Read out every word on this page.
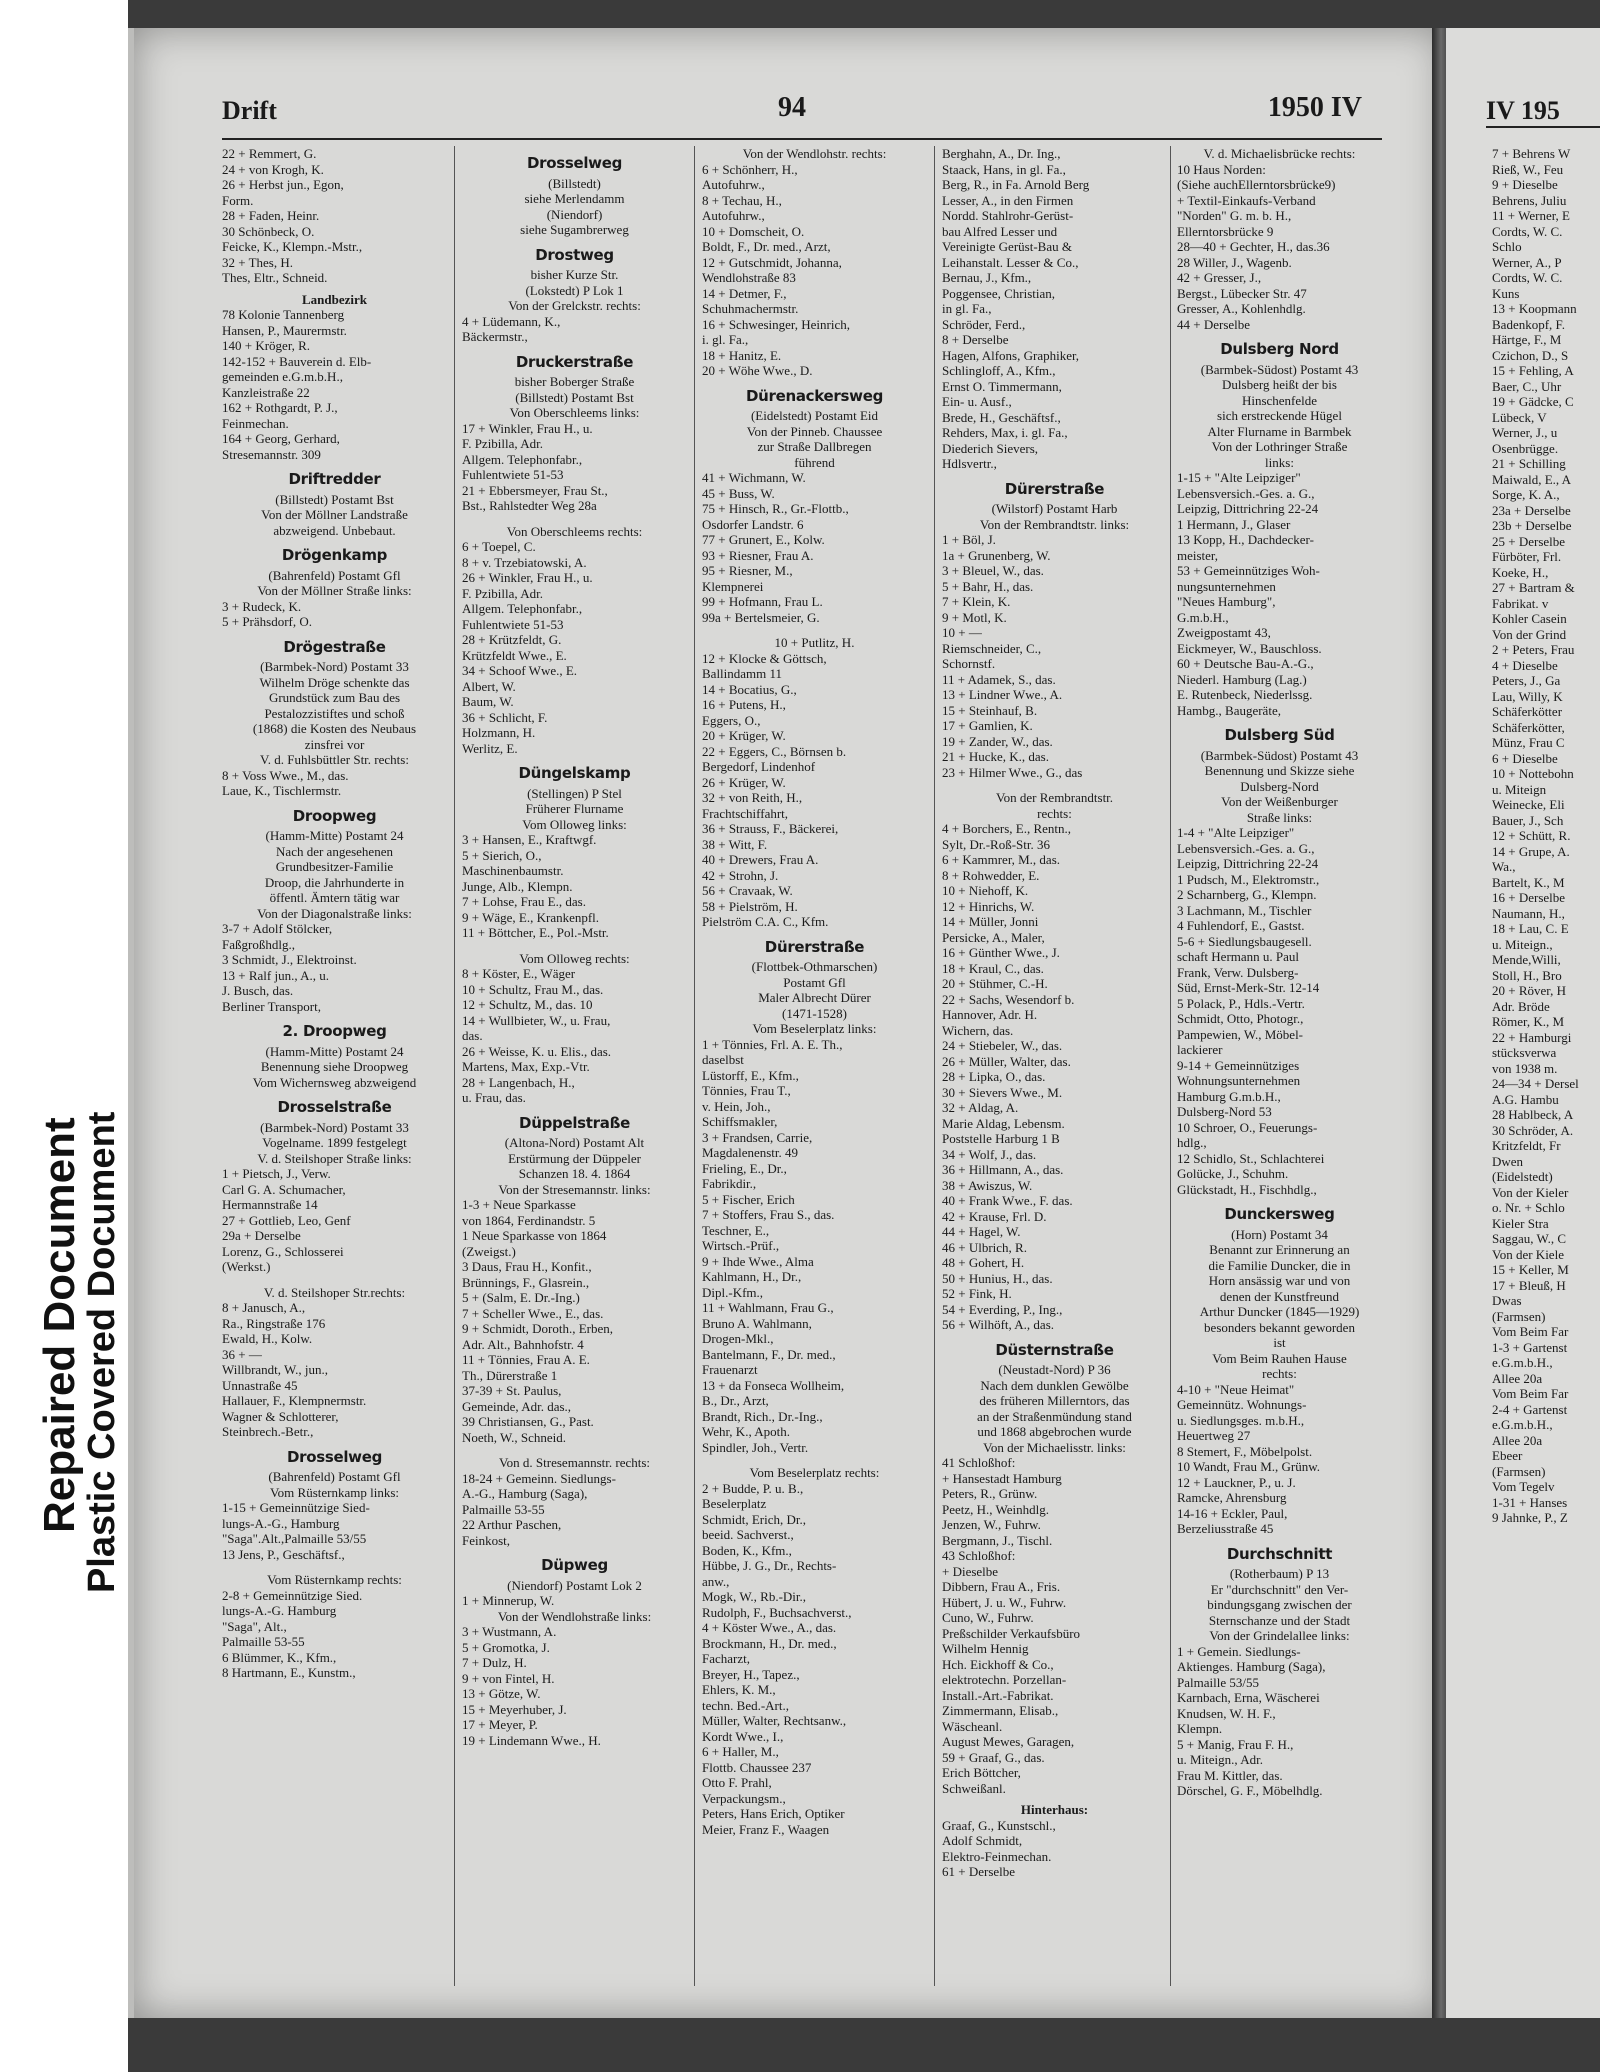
Repaired Document
Plastic Covered Document
Drift	94	1950 IV
22 + Remmert, G.
24 + von Krogh, K.
26 + Herbst jun., Egon,
Form.
28 + Faden, Heinr.
30 Schönbeck, O.
Feicke, K., Klempn.-Mstr.,
32 + Thes, H.
Thes, Eltr., Schneid.
Landbezirk
78 Kolonie Tannenberg
Hansen, P., Maurermstr.
140 + Kröger, R.
142-152 + Bauverein d. Elb-
gemeinden e.G.m.b.H.,
Kanzleistraße 22
162 + Rothgardt, P. J.,
Feinmechan.
164 + Georg, Gerhard,
Stresemannstr. 309
Driftredder
(Billstedt) Postamt Bst
Von der Möllner Landstraße
abzweigend. Unbebaut.
Drögenkamp
(Bahrenfeld) Postamt Gfl
Von der Möllner Straße links:
3 + Rudeck, K.
5 + Prähsdorf, O.
Drögestraße
(Barmbek-Nord) Postamt 33
Wilhelm Dröge schenkte das
Grundstück zum Bau des
Pestalozzistiftes und schoß
(1868) die Kosten des Neubaus
zinsfrei vor
V. d. Fuhlsbüttler Str. rechts:
8 + Voss Wwe., M., das.
Laue, K., Tischlermstr.
Droopweg
(Hamm-Mitte) Postamt 24
Nach der angesehenen
Grundbesitzer-Familie
Droop, die Jahrhunderte in
öffentl. Ämtern tätig war
Von der Diagonalstraße links:
3-7 + Adolf Stölcker,
Faßgroßhdlg.,
3 Schmidt, J., Elektroinst.
13 + Ralf jun., A., u.
J. Busch, das.
Berliner Transport,
2. Droopweg
(Hamm-Mitte) Postamt 24
Benennung siehe Droopweg
Vom Wichernsweg abzweigend
Drosselstraße
(Barmbek-Nord) Postamt 33
Vogelname. 1899 festgelegt
V. d. Steilshoper Straße links:
1 + Pietsch, J., Verw.
Carl G. A. Schumacher,
Hermannstraße 14
27 + Gottlieb, Leo, Genf
29a + Derselbe
Lorenz, G., Schlosserei
(Werkst.)
V. d. Steilshoper Str.rechts:
8 + Janusch, A.,
Ra., Ringstraße 176
Ewald, H., Kolw.
36 + —
Willbrandt, W., jun.,
Unnastraße 45
Hallauer, F., Klempnermstr.
Wagner & Schlotterer,
Steinbrech.-Betr.,
Drosselweg
(Bahrenfeld) Postamt Gfl
Vom Rüsternkamp links:
1-15 + Gemeinnützige Sied-
lungs-A.-G., Hamburg
"Saga".Alt.,Palmaille 53/55
13 Jens, P., Geschäftsf.,
Vom Rüsternkamp rechts:
2-8 + Gemeinnützige Sied.
lungs-A.-G. Hamburg
"Saga", Alt.,
Palmaille 53-55
6 Blümmer, K., Kfm.,
8 Hartmann, E., Kunstm.,
Drosselweg
(Billstedt)
siehe Merlendamm
(Niendorf)
siehe Sugambrerweg
Drostweg
bisher Kurze Str.
(Lokstedt) P Lok 1
Von der Grelckstr. rechts:
4 + Lüdemann, K.,
Bäckermstr.,
Druckerstraße
bisher Boberger Straße
(Billstedt) Postamt Bst
Von Oberschleems links:
17 + Winkler, Frau H., u.
F. Pzibilla, Adr.
Allgem. Telephonfabr.,
Fuhlentwiete 51-53
21 + Ebbersmeyer, Frau St.,
Bst., Rahlstedter Weg 28a
Von Oberschleems rechts:
6 + Toepel, C.
8 + v. Trzebiatowski, A.
26 + Winkler, Frau H., u.
F. Pzibilla, Adr.
Allgem. Telephonfabr.,
Fuhlentwiete 51-53
28 + Krützfeldt, G.
Krützfeldt Wwe., E.
34 + Schoof Wwe., E.
Albert, W.
Baum, W.
36 + Schlicht, F.
Holzmann, H.
Werlitz, E.
Düngelskamp
(Stellingen) P Stel
Früherer Flurname
Vom Olloweg links:
3 + Hansen, E., Kraftwgf.
5 + Sierich, O.,
Maschinenbaumstr.
Junge, Alb., Klempn.
7 + Lohse, Frau E., das.
9 + Wäge, E., Krankenpfl.
11 + Böttcher, E., Pol.-Mstr.
Vom Olloweg rechts:
8 + Köster, E., Wäger
10 + Schultz, Frau M., das.
12 + Schultz, M., das. 10
14 + Wullbieter, W., u. Frau,
das.
26 + Weisse, K. u. Elis., das.
Martens, Max, Exp.-Vtr.
28 + Langenbach, H.,
u. Frau, das.
Düppelstraße
(Altona-Nord) Postamt Alt
Erstürmung der Düppeler
Schanzen 18. 4. 1864
Von der Stresemannstr. links:
1-3 + Neue Sparkasse
von 1864, Ferdinandstr. 5
1 Neue Sparkasse von 1864
(Zweigst.)
3 Daus, Frau H., Konfit.,
Brünnings, F., Glasrein.,
5 + (Salm, E. Dr.-Ing.)
7 + Scheller Wwe., E., das.
9 + Schmidt, Doroth., Erben,
Adr. Alt., Bahnhofstr. 4
11 + Tönnies, Frau A. E.
Th., Dürerstraße 1
37-39 + St. Paulus,
Gemeinde, Adr. das.,
39 Christiansen, G., Past.
Noeth, W., Schneid.
Von d. Stresemannstr. rechts:
18-24 + Gemeinn. Siedlungs-
A.-G., Hamburg (Saga),
Palmaille 53-55
22 Arthur Paschen,
Feinkost,
Düpweg
(Niendorf) Postamt Lok 2
1 + Minnerup, W.
Von der Wendlohstraße links:
3 + Wustmann, A.
5 + Gromotka, J.
7 + Dulz, H.
9 + von Fintel, H.
13 + Götze, W.
15 + Meyerhuber, J.
17 + Meyer, P.
19 + Lindemann Wwe., H.
Von der Wendlohstr. rechts:
6 + Schönherr, H.,
Autofuhrw.,
8 + Techau, H.,
Autofuhrw.,
10 + Domscheit, O.
Boldt, F., Dr. med., Arzt,
12 + Gutschmidt, Johanna,
Wendlohstraße 83
14 + Detmer, F.,
Schuhmachermstr.
16 + Schwesinger, Heinrich,
i. gl. Fa.,
18 + Hanitz, E.
20 + Wöhe Wwe., D.
Dürenackersweg
(Eidelstedt) Postamt Eid
Von der Pinneb. Chaussee
zur Straße Dallbregen
führend
41 + Wichmann, W.
45 + Buss, W.
75 + Hinsch, R., Gr.-Flottb.,
Osdorfer Landstr. 6
77 + Grunert, E., Kolw.
93 + Riesner, Frau A.
95 + Riesner, M.,
Klempnerei
99 + Hofmann, Frau L.
99a + Bertelsmeier, G.
10 + Putlitz, H.
12 + Klocke & Göttsch,
Ballindamm 11
14 + Bocatius, G.,
16 + Putens, H.,
Eggers, O.,
20 + Krüger, W.
22 + Eggers, C., Börnsen b.
Bergedorf, Lindenhof
26 + Krüger, W.
32 + von Reith, H.,
Frachtschiffahrt,
36 + Strauss, F., Bäckerei,
38 + Witt, F.
40 + Drewers, Frau A.
42 + Strohn, J.
56 + Cravaak, W.
58 + Pielström, H.
Pielström C.A. C., Kfm.
Dürerstraße
(Flottbek-Othmarschen)
Postamt Gfl
Maler Albrecht Dürer
(1471-1528)
Vom Beselerplatz links:
1 + Tönnies, Frl. A. E. Th.,
daselbst
Lüstorff, E., Kfm.,
Tönnies, Frau T.,
v. Hein, Joh.,
Schiffsmakler,
3 + Frandsen, Carrie,
Magdalenenstr. 49
Frieling, E., Dr.,
Fabrikdir.,
5 + Fischer, Erich
7 + Stoffers, Frau S., das.
Teschner, E.,
Wirtsch.-Prüf.,
9 + Ihde Wwe., Alma
Kahlmann, H., Dr.,
Dipl.-Kfm.,
11 + Wahlmann, Frau G.,
Bruno A. Wahlmann,
Drogen-Mkl.,
Bantelmann, F., Dr. med.,
Frauenarzt
13 + da Fonseca Wollheim,
B., Dr., Arzt,
Brandt, Rich., Dr.-Ing.,
Wehr, K., Apoth.
Spindler, Joh., Vertr.
Vom Beselerplatz rechts:
2 + Budde, P. u. B.,
Beselerplatz
Schmidt, Erich, Dr.,
beeid. Sachverst.,
Boden, K., Kfm.,
Hübbe, J. G., Dr., Rechts-
anw.,
Mogk, W., Rb.-Dir.,
Rudolph, F., Buchsachverst.,
4 + Köster Wwe., A., das.
Brockmann, H., Dr. med.,
Facharzt,
Breyer, H., Tapez.,
Ehlers, K. M.,
techn. Bed.-Art.,
Müller, Walter, Rechtsanw.,
Kordt Wwe., I.,
6 + Haller, M.,
Flottb. Chaussee 237
Otto F. Prahl,
Verpackungsm.,
Peters, Hans Erich, Optiker
Meier, Franz F., Waagen
Berghahn, A., Dr. Ing.,
Staack, Hans, in gl. Fa.,
Berg, R., in Fa. Arnold Berg
Lesser, A., in den Firmen
Nordd. Stahlrohr-Gerüst-
bau Alfred Lesser und
Vereinigte Gerüst-Bau &
Leihanstalt. Lesser & Co.,
Bernau, J., Kfm.,
Poggensee, Christian,
in gl. Fa.,
Schröder, Ferd.,
8 + Derselbe
Hagen, Alfons, Graphiker,
Schlingloff, A., Kfm.,
Ernst O. Timmermann,
Ein- u. Ausf.,
Brede, H., Geschäftsf.,
Rehders, Max, i. gl. Fa.,
Diederich Sievers,
Hdlsvertr.,
Dürerstraße
(Wilstorf) Postamt Harb
Von der Rembrandtstr. links:
1 + Böl, J.
1a + Grunenberg, W.
3 + Bleuel, W., das.
5 + Bahr, H., das.
7 + Klein, K.
9 + Motl, K.
10 + —
Riemschneider, C.,
Schornstf.
11 + Adamek, S., das.
13 + Lindner Wwe., A.
15 + Steinhauf, B.
17 + Gamlien, K.
19 + Zander, W., das.
21 + Hucke, K., das.
23 + Hilmer Wwe., G., das
Von der Rembrandtstr.
rechts:
4 + Borchers, E., Rentn.,
Sylt, Dr.-Roß-Str. 36
6 + Kammrer, M., das.
8 + Rohwedder, E.
10 + Niehoff, K.
12 + Hinrichs, W.
14 + Müller, Jonni
Persicke, A., Maler,
16 + Günther Wwe., J.
18 + Kraul, C., das.
20 + Stühmer, C.-H.
22 + Sachs, Wesendorf b.
Hannover, Adr. H.
Wichern, das.
24 + Stiebeler, W., das.
26 + Müller, Walter, das.
28 + Lipka, O., das.
30 + Sievers Wwe., M.
32 + Aldag, A.
Marie Aldag, Lebensm.
Poststelle Harburg 1 B
34 + Wolf, J., das.
36 + Hillmann, A., das.
38 + Awiszus, W.
40 + Frank Wwe., F. das.
42 + Krause, Frl. D.
44 + Hagel, W.
46 + Ulbrich, R.
48 + Gohert, H.
50 + Hunius, H., das.
52 + Fink, H.
54 + Everding, P., Ing.,
56 + Wilhöft, A., das.
Düsternstraße
(Neustadt-Nord) P 36
Nach dem dunklen Gewölbe
des früheren Millerntors, das
an der Straßenmündung stand
und 1868 abgebrochen wurde
Von der Michaelisstr. links:
41 Schloßhof:
+ Hansestadt Hamburg
Peters, R., Grünw.
Peetz, H., Weinhdlg.
Jenzen, W., Fuhrw.
Bergmann, J., Tischl.
43 Schloßhof:
+ Dieselbe
Dibbern, Frau A., Fris.
Hübert, J. u. W., Fuhrw.
Cuno, W., Fuhrw.
Preßschilder Verkaufsbüro
Wilhelm Hennig
Hch. Eickhoff & Co.,
elektrotechn. Porzellan-
Install.-Art.-Fabrikat.
Zimmermann, Elisab.,
Wäscheanl.
August Mewes, Garagen,
59 + Graaf, G., das.
Erich Böttcher,
Schweißanl.
Hinterhaus:
Graaf, G., Kunstschl.,
Adolf Schmidt,
Elektro-Feinmechan.
61 + Derselbe
V. d. Michaelisbrücke rechts:
10 Haus Norden:
(Siehe auchEllerntorsbrücke9)
+ Textil-Einkaufs-Verband
"Norden" G. m. b. H.,
Ellerntorsbrücke 9
28—40 + Gechter, H., das.36
28 Willer, J., Wagenb.
42 + Gresser, J.,
Bergst., Lübecker Str. 47
Gresser, A., Kohlenhdlg.
44 + Derselbe
Dulsberg Nord
(Barmbek-Südost) Postamt 43
Dulsberg heißt der bis
Hinschenfelde
sich erstreckende Hügel
Alter Flurname in Barmbek
Von der Lothringer Straße
links:
1-15 + "Alte Leipziger"
Lebensversich.-Ges. a. G.,
Leipzig, Dittrichring 22-24
1 Hermann, J., Glaser
13 Kopp, H., Dachdecker-
meister,
53 + Gemeinnütziges Woh-
nungsunternehmen
"Neues Hamburg",
G.m.b.H.,
Zweigpostamt 43,
Eickmeyer, W., Bauschloss.
60 + Deutsche Bau-A.-G.,
Niederl. Hamburg (Lag.)
E. Rutenbeck, Niederlssg.
Hambg., Baugeräte,
Dulsberg Süd
(Barmbek-Südost) Postamt 43
Benennung und Skizze siehe
Dulsberg-Nord
Von der Weißenburger
Straße links:
1-4 + "Alte Leipziger"
Lebensversich.-Ges. a. G.,
Leipzig, Dittrichring 22-24
1 Pudsch, M., Elektromstr.,
2 Scharnberg, G., Klempn.
3 Lachmann, M., Tischler
4 Fuhlendorf, E., Gastst.
5-6 + Siedlungsbaugesell.
schaft Hermann u. Paul
Frank, Verw. Dulsberg-
Süd, Ernst-Merk-Str. 12-14
5 Polack, P., Hdls.-Vertr.
Schmidt, Otto, Photogr.,
Pampewien, W., Möbel-
lackierer
9-14 + Gemeinnütziges
Wohnungsunternehmen
Hamburg G.m.b.H.,
Dulsberg-Nord 53
10 Schroer, O., Feuerungs-
hdlg.,
12 Schidlo, St., Schlachterei
Golücke, J., Schuhm.
Glückstadt, H., Fischhdlg.,
Dunckersweg
(Horn) Postamt 34
Benannt zur Erinnerung an
die Familie Duncker, die in
Horn ansässig war und von
denen der Kunstfreund
Arthur Duncker (1845—1929)
besonders bekannt geworden
ist
Vom Beim Rauhen Hause
rechts:
4-10 + "Neue Heimat"
Gemeinnütz. Wohnungs-
u. Siedlungsges. m.b.H.,
Heuertweg 27
8 Stemert, F., Möbelpolst.
10 Wandt, Frau M., Grünw.
12 + Lauckner, P., u. J.
Ramcke, Ahrensburg
14-16 + Eckler, Paul,
Berzeliusstraße 45
Durchschnitt
(Rotherbaum) P 13
Er "durchschnitt" den Ver-
bindungsgang zwischen der
Sternschanze und der Stadt
Von der Grindelallee links:
1 + Gemein. Siedlungs-
Aktienges. Hamburg (Saga),
Palmaille 53/55
Karnbach, Erna, Wäscherei
Knudsen, W. H. F.,
Klempn.
5 + Manig, Frau F. H.,
u. Miteign., Adr.
Frau M. Kittler, das.
Dörschel, G. F., Möbelhdlg.
IV 195
7 + Behrens W
Rieß, W., Feu
9 + Dieselbe
Behrens, Juliu
11 + Werner, E
Cordts, W. C.
Schlo
Werner, A., P
Cordts, W. C.
Kuns
13 + Koopmann
Badenkopf, F.
Härtge, F., M
Czichon, D., S
15 + Fehling, A
Baer, C., Uhr
19 + Gädcke, C
Lübeck, V
Werner, J., u
Osenbrügge.
21 + Schilling
Maiwald, E., A
Sorge, K. A.,
23a + Derselbe
23b + Derselbe
25 + Derselbe
Fürböter, Frl.
Koeke, H.,
27 + Bartram &
Fabrikat. v
Kohler Casein
Von der Grind
2 + Peters, Frau
4 + Dieselbe
Peters, J., Ga
Lau, Willy, K
Schäferkötter
Schäferkötter,
Münz, Frau C
6 + Dieselbe
10 + Nottebohn
u. Miteign
Weinecke, Eli
Bauer, J., Sch
12 + Schütt, R.
14 + Grupe, A.
Wa.,
Bartelt, K., M
16 + Derselbe
Naumann, H.,
18 + Lau, C. E
u. Miteign.,
Mende,Willi,
Stoll, H., Bro
20 + Röver, H
Adr. Bröde
Römer, K., M
22 + Hamburgi
stücksverwa
von 1938 m.
24—34 + Dersel
A.G. Hambu
28 Hablbeck, A
30 Schröder, A.
Kritzfeldt, Fr
Dwen
(Eidelstedt)
Von der Kieler
o. Nr. + Schlo
Kieler Stra
Saggau, W., C
Von der Kiele
15 + Keller, M
17 + Bleuß, H
Dwas
(Farmsen)
Vom Beim Far
1-3 + Gartenst
e.G.m.b.H.,
Allee 20a
Vom Beim Far
2-4 + Gartenst
e.G.m.b.H.,
Allee 20a
Ebeer
(Farmsen)
Vom Tegelv
1-31 + Hanses
9 Jahnke, P., Z
